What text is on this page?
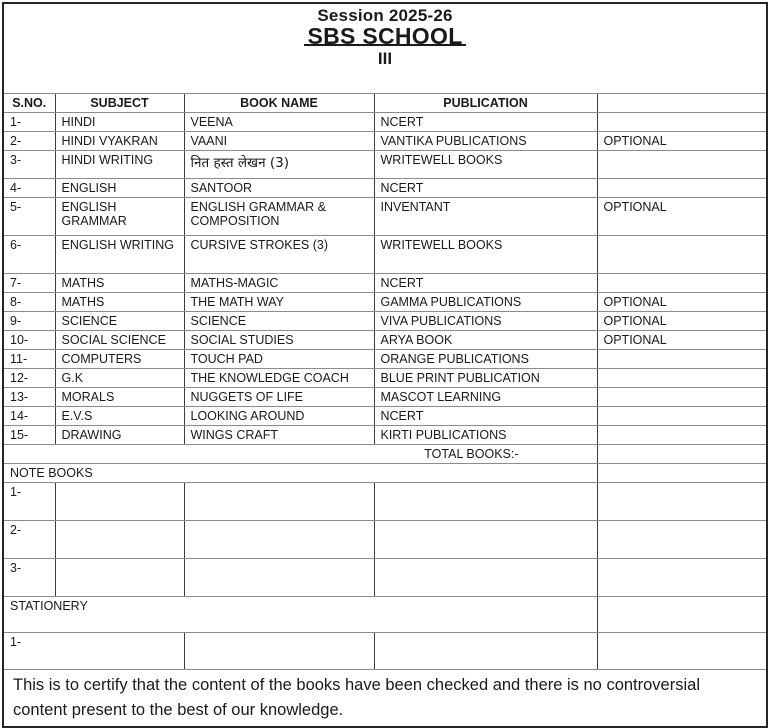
Session 2025-26
SBS SCHOOL
III				

S.NO.	SUBJECT	BOOK NAME	PUBLICATION	
1-	HINDI	VEENA	NCERT	
2-	HINDI VYAKRAN	VAANI	VANTIKA PUBLICATIONS	OPTIONAL
3-	HINDI WRITING	नित हस्त लेखन (3)	WRITEWELL BOOKS	
4-	ENGLISH	SANTOOR	NCERT	
5-	ENGLISH GRAMMAR	ENGLISH GRAMMAR & COMPOSITION	INVENTANT	OPTIONAL
6-	ENGLISH WRITING	CURSIVE STROKES (3)	WRITEWELL BOOKS	
7-	MATHS	MATHS-MAGIC	NCERT	
8-	MATHS	THE MATH WAY	GAMMA PUBLICATIONS	OPTIONAL
9-	SCIENCE	SCIENCE	VIVA PUBLICATIONS	OPTIONAL
10-	SOCIAL SCIENCE	SOCIAL STUDIES	ARYA BOOK	OPTIONAL
11-	COMPUTERS	TOUCH PAD	ORANGE PUBLICATIONS	
12-	G.K	THE KNOWLEDGE COACH	BLUE PRINT PUBLICATION	
13-	MORALS	NUGGETS OF LIFE	MASCOT LEARNING	
14-	E.V.S	LOOKING AROUND	NCERT	
15-	DRAWING	WINGS CRAFT	KIRTI PUBLICATIONS	
TOTAL BOOKS:-				
NOTE BOOKS				
1-				
2-				
3-				
STATIONERY				
1-				
This is to certify that the content of the books have been checked and there is no controversial content present to the best of our knowledge.				
